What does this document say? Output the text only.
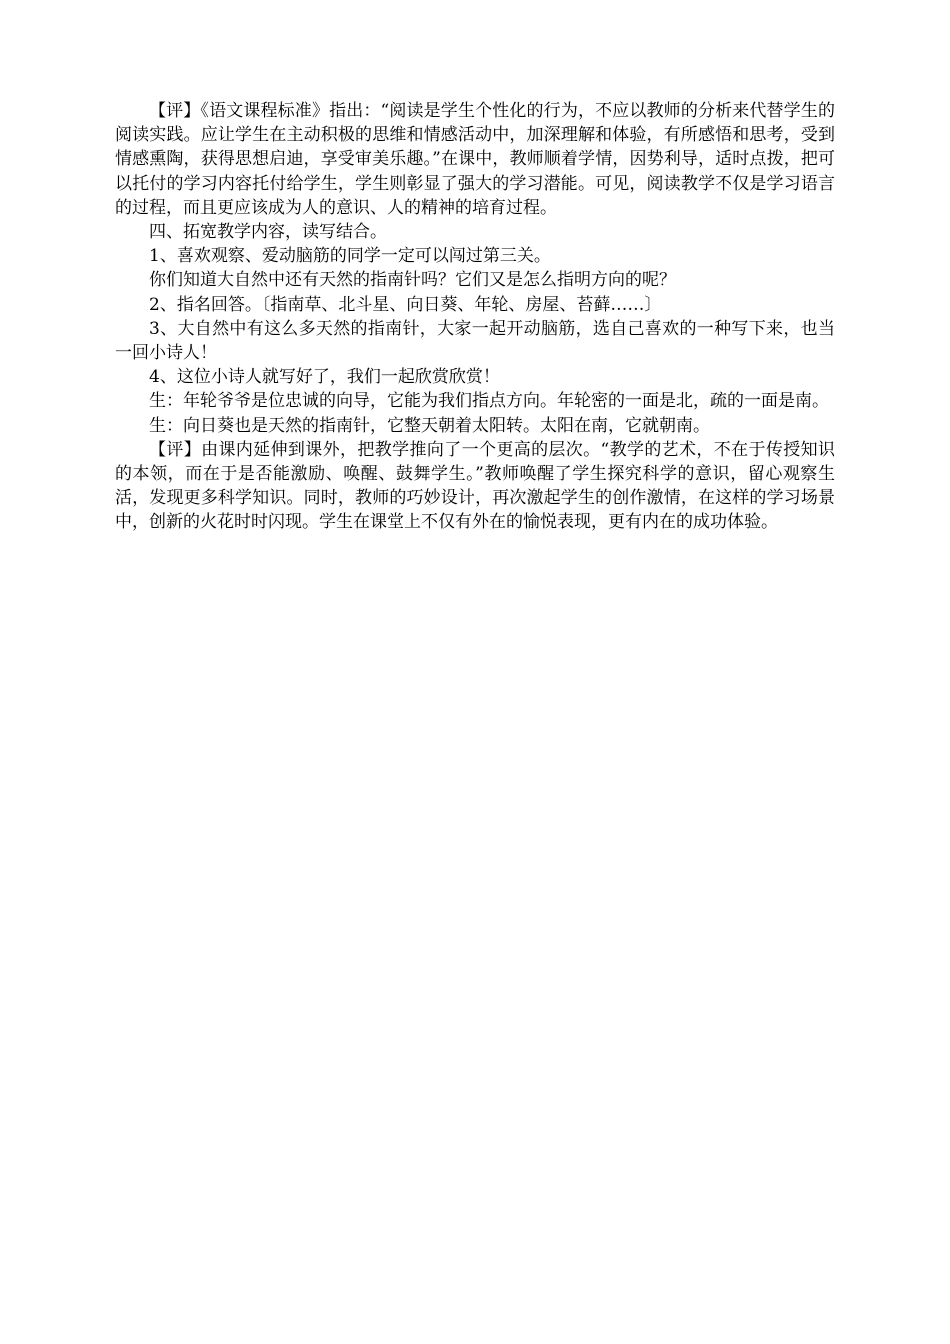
【评】《语文课程标准》指出：“阅读是学生个性化的行为，不应以教师的分析来代替学生的阅读实践。应让学生在主动积极的思维和情感活动中，加深理解和体验，有所感悟和思考，受到情感熏陶，获得思想启迪，享受审美乐趣。”在课中，教师顺着学情，因势利导，适时点拨，把可以托付的学习内容托付给学生，学生则彰显了强大的学习潜能。可见，阅读教学不仅是学习语言的过程，而且更应该成为人的意识、人的精神的培育过程。

四、拓宽教学内容，读写结合。

1、喜欢观察、爱动脑筋的同学一定可以闯过第三关。

你们知道大自然中还有天然的指南针吗？它们又是怎么指明方向的呢？

2、指名回答。〔指南草、北斗星、向日葵、年轮、房屋、苔藓……〕

3、大自然中有这么多天然的指南针，大家一起开动脑筋，选自己喜欢的一种写下来，也当一回小诗人！

4、这位小诗人就写好了，我们一起欣赏欣赏！

生：年轮爷爷是位忠诚的向导，它能为我们指点方向。年轮密的一面是北，疏的一面是南。

生：向日葵也是天然的指南针，它整天朝着太阳转。太阳在南，它就朝南。

【评】由课内延伸到课外，把教学推向了一个更高的层次。“教学的艺术，不在于传授知识的本领，而在于是否能激励、唤醒、鼓舞学生。”教师唤醒了学生探究科学的意识，留心观察生活，发现更多科学知识。同时，教师的巧妙设计，再次激起学生的创作激情，在这样的学习场景中，创新的火花时时闪现。学生在课堂上不仅有外在的愉悦表现，更有内在的成功体验。
